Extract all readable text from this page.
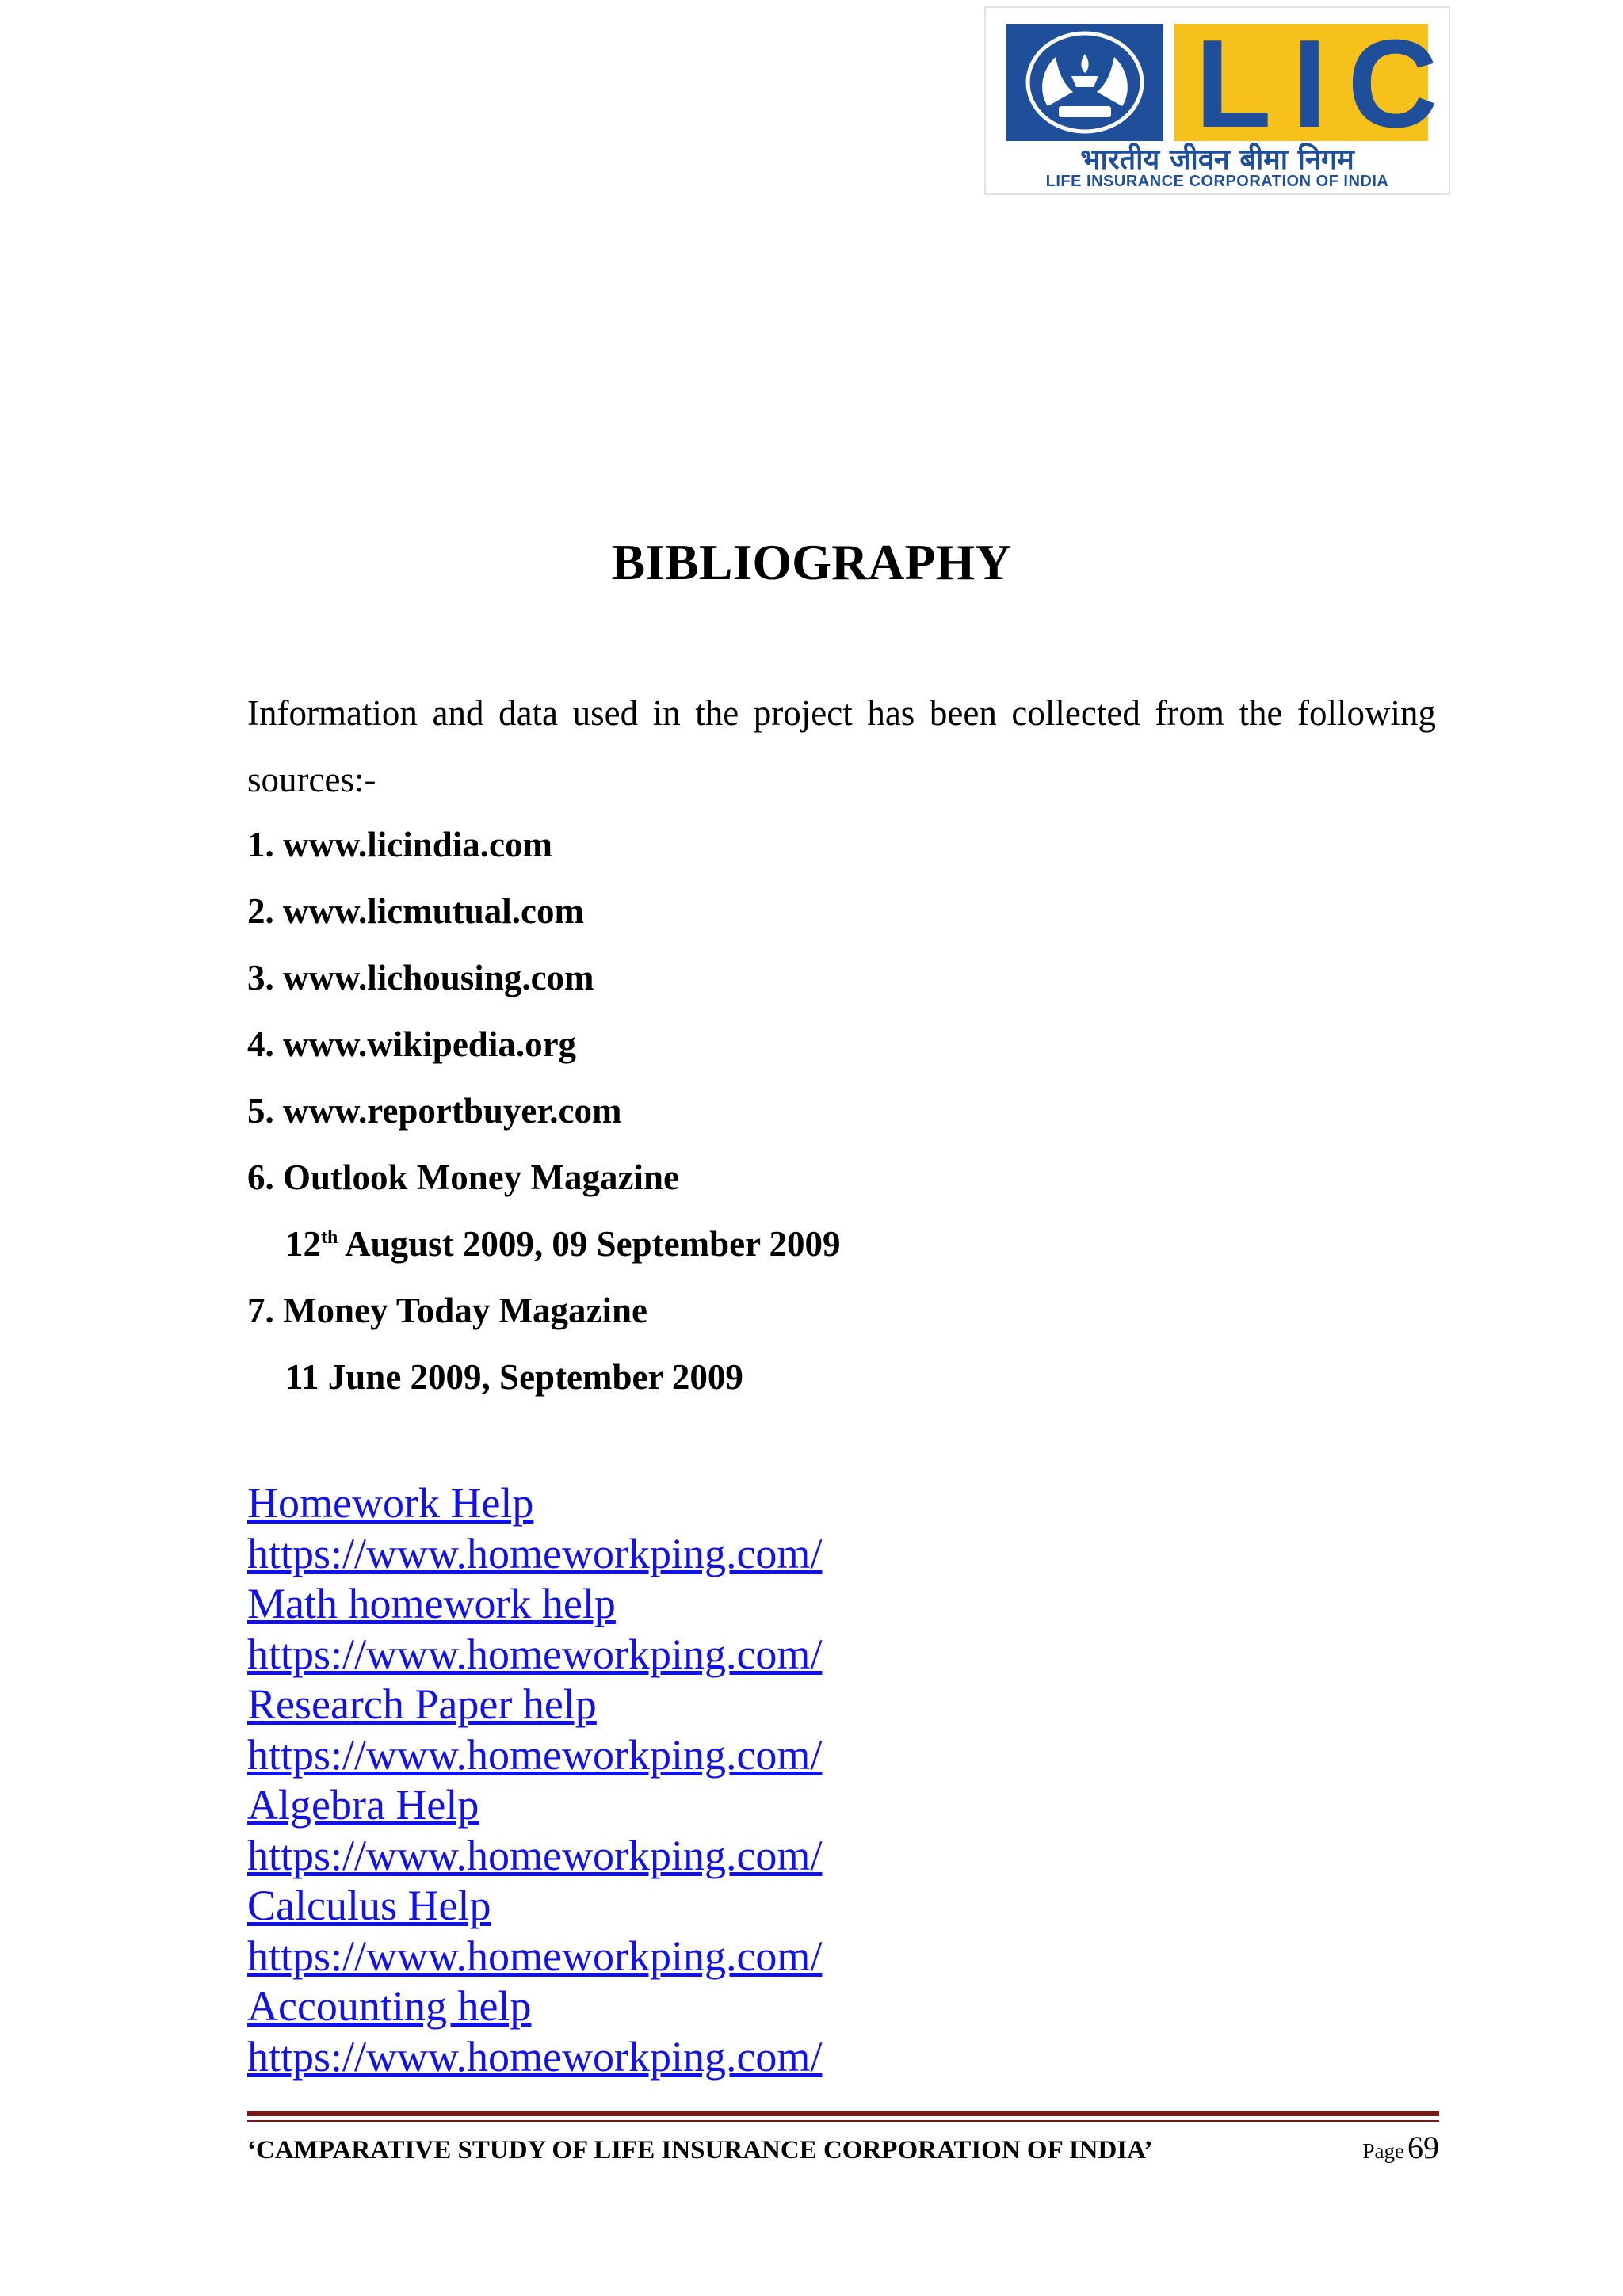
LIC
भारतीय जीवन बीमा निगम
LIFE INSURANCE CORPORATION OF INDIA
BIBLIOGRAPHY
Information and data used in the project has been collected from the following sources:-
1. www.licindia.com
2. www.licmutual.com
3. www.lichousing.com
4. www.wikipedia.org
5. www.reportbuyer.com
6. Outlook Money Magazine
12th August 2009, 09 September 2009
7. Money Today Magazine
11 June 2009, September 2009
Homework Help
https://www.homeworkping.com/
Math homework help
https://www.homeworkping.com/
Research Paper help
https://www.homeworkping.com/
Algebra Help
https://www.homeworkping.com/
Calculus Help
https://www.homeworkping.com/
Accounting help
https://www.homeworkping.com/
‘CAMPARATIVE STUDY OF LIFE INSURANCE CORPORATION OF INDIA’	Page 69
